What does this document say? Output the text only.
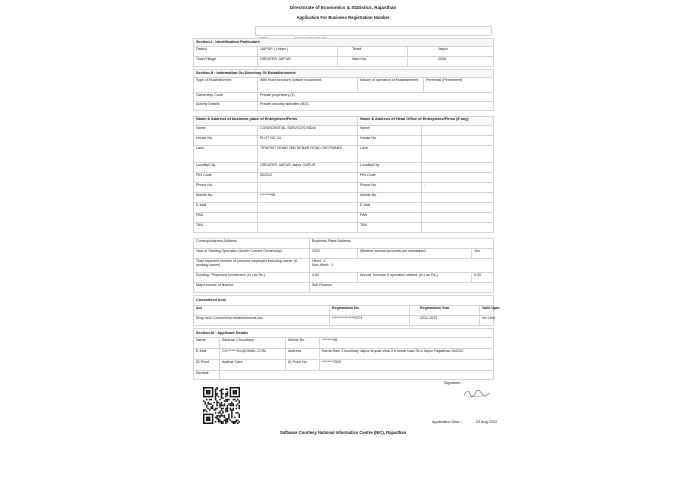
Directorate of Economics & Statistics, Rajasthan
Application For Business Registration Number
Section-I : Identification Particulars			
District	JAIPUR ( Urban )	Tehsil	Jaipur
Town/Village	GREATER JAIPUR	Ward No.	0006
Section-II : Information On Directory Of Establishments			
Type of Establishment	With fixed structure outside household.	Nature of operation of Establishment	Perennial (Permanent)
Ownership Code	Private proprietary (2)		
Activity Details	Private security activities (801)		
Name & Address of business place of Enterprises/Firms		Name & Address of Head Office of Enterprises/Firms (If any)	
Name	CONFIDENTIAL SERVICES INDIA	Name	
House No.	PLOT NO 34	House No.	
Lane	TIRUPATI VIHAR 2ND BENAR ROAD JHOTWARA	Lane	
Locality/City	GREATER JAIPUR Jaipur JAIPUR	Locality/City	
PIN Code	302012	PIN Code	
Phone No.	-	Phone No.	-
Mobile No.	********08	Mobile No.	
E-Mail		E-Mail	
PAN		PAN	
TAN		TAN	
Correspondence Address	Business Place Address		
Year of Starting Operation (Under Current Ownership)	2022	Whether annual accounts are maintained	Yes
Total expected number of persons employed including owner (if working owner)	Hired : 2
Non-Hired : 1		

Existing / Proposed Investment (In Lac Rs.)	4.00	Annual Turnover if operation started. (In Lac Rs.)	5.00
Major source of finance	Self Finance		
Considered Acts			
Act	Registration No.	Registration Year	Valid Upto
Shop and Commercial establishments Act	****************5374	2022-2023	No Limit
Section-III : Applicant Details			
Name	Santosh Choudhary	Mobile No.	********08
E-Mail	CO*******AL@GMAIL.COM	Address	Karna Ram Choudhary Jaipur tirupati vihar 2 b benar road 35 a Jaipur Rajasthan 302012
ID Proof	Aadhar Card	ID Proof No.	********7526
Remark			
Signature :
Application Date :	03 Aug 2022
Software Courtesy National Informatics Centre (NIC), Rajasthan
